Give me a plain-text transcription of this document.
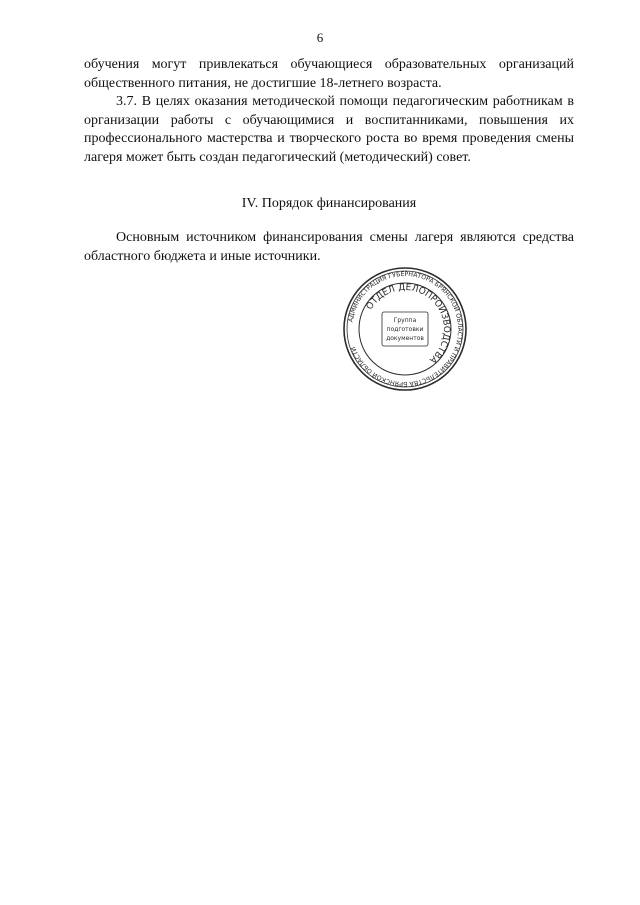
6

обучения могут привлекаться обучающиеся образовательных организаций общественного питания, не достигшие 18-летнего возраста.

3.7. В целях оказания методической помощи педагогическим работникам в организации работы с обучающимися и воспитанниками, повышения их профессионального мастерства и творческого роста во время проведения смены лагеря может быть создан педагогический (методический) совет.

IV. Порядок финансирования

Основным источником финансирования смены лагеря являются средства областного бюджета и иные источники.

АДМИНИСТРАЦИЯ ГУБЕРНАТОРА БРЯНСКОЙ ОБЛАСТИ И ПРАВИТЕЛЬСТВА БРЯНСКОЙ ОБЛАСТИ
ОТДЕЛ ДЕЛОПРОИЗВОДСТВА
Группа
подготовки
документов
